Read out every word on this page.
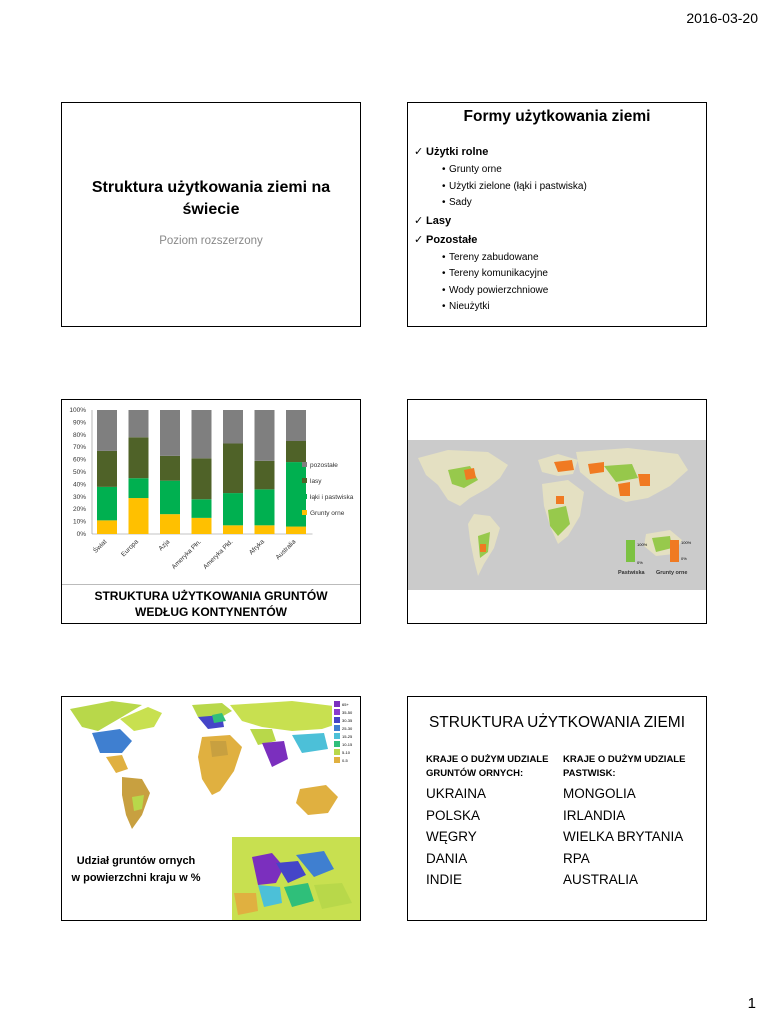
2016-03-20
Struktura użytkowania ziemi na świecie
Poziom rozszerzony
Formy użytkowania ziemi
✓ Użytki rolne
• Grunty orne
• Użytki zielone (łąki i pastwiska)
• Sady
✓ Lasy
✓ Pozostałe
• Tereny zabudowane
• Tereny komunikacyjne
• Wody powierzchniowe
• Nieużytki
0%
10%
20%
30%
40%
50%
60%
70%
80%
90%
100%
Świat Europa	Azja Ameryka Płn. Ameryka Płd. Afryka Australia
pozostałe
lasy
łąki i pastwiska
Grunty orne
STRUKTURA UŻYTKOWANIA GRUNTÓW
WEDŁUG KONTYNENTÓW
100%
0%
100%
0%
Pastwiska Grunty orne
65+
35-50
30-35
25-30
15-25
10-15
5-10
0-5
Udział gruntów ornych
w powierzchni kraju w %
STRUKTURA UŻYTKOWANIA ZIEMI
KRAJE O DUŻYM UDZIALE
GRUNTÓW ORNYCH:
UKRAINA
POLSKA
WĘGRY
DANIA
INDIE
KRAJE O DUŻYM UDZIALE
PASTWISK:
MONGOLIA
IRLANDIA
WIELKA BRYTANIA
RPA
AUSTRALIA
1
